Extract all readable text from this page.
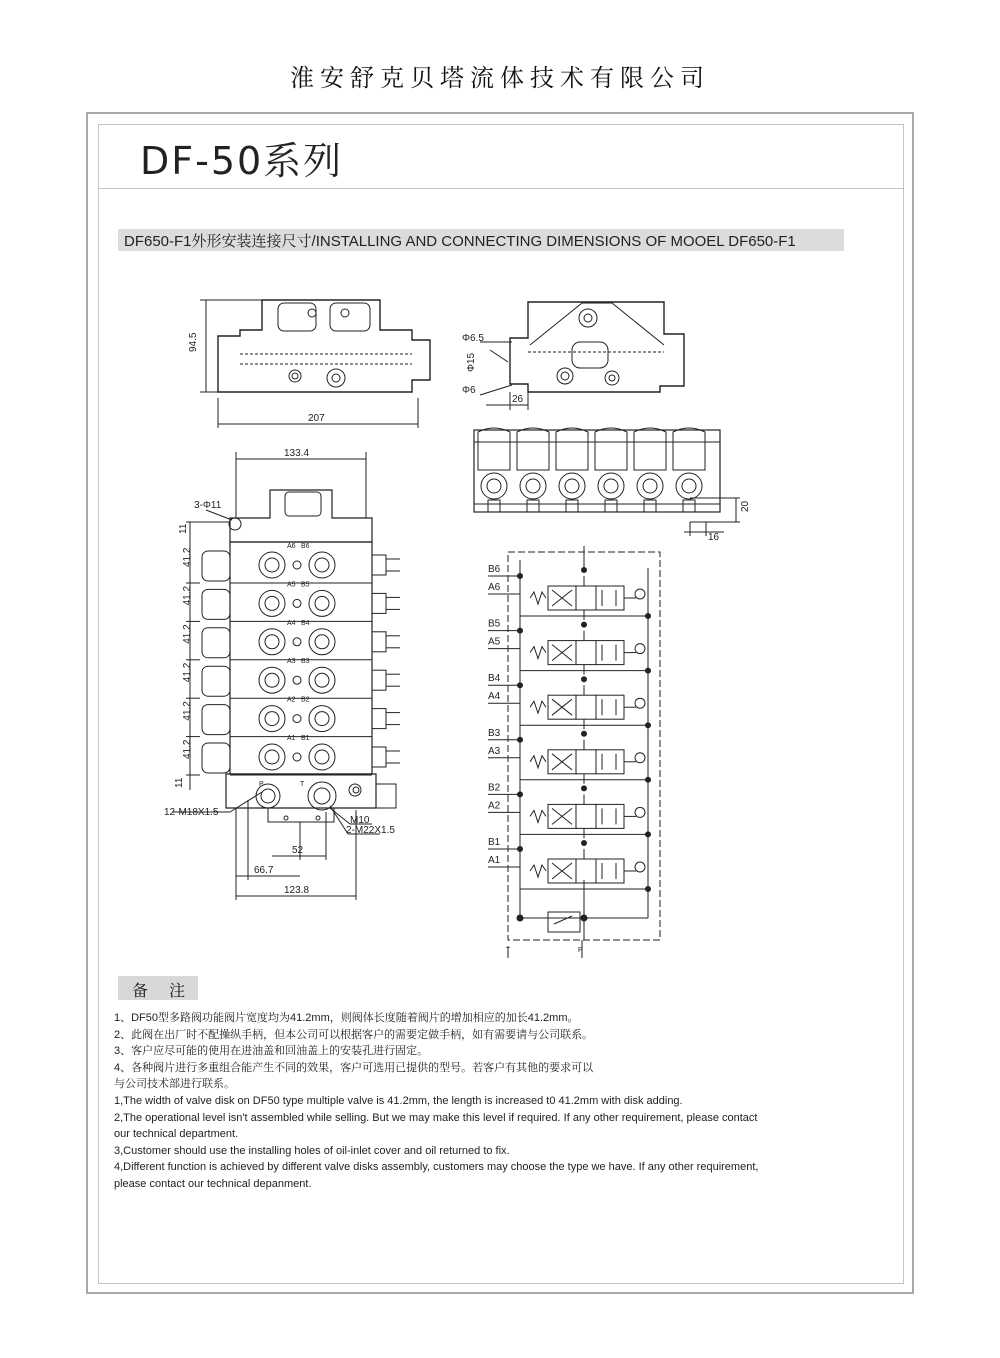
淮安舒克贝塔流体技术有限公司
DF-50系列
DF650-F1外形安装连接尺寸/INSTALLING AND CONNECTING DIMENSIONS OF MOOEL DF650-F1
94.5
207
Φ6.5
Φ15
Φ6
26
20
16
A6 B6
41.2
A5 B5
41.2
A4 B4
41.2
A3 B3
41.2
A2 B2
41.2
A1 B1
41.2
133.4
3-Φ11
11
11
12-M18X1.5
M10
2-M22X1.5
52
66.7
123.8
P	T
B6
A6
B5
A5
B4
A4
B3
A3
B2
A2
B1
A1
T	P
备 注
1、DF50型多路阀功能阀片宽度均为41.2mm，则阀体长度随着阀片的增加相应的加长41.2mm。
2、此阀在出厂时不配操纵手柄，但本公司可以根据客户的需要定做手柄，如有需要请与公司联系。
3、客户应尽可能的使用在进油盖和回油盖上的安装孔进行固定。
4、各种阀片进行多重组合能产生不同的效果，客户可选用已提供的型号。若客户有其他的要求可以
与公司技术部进行联系。
1,The width of valve disk on DF50 type multiple valve is 41.2mm, the length is increased t0 41.2mm with disk adding.
2,The operational level isn't assembled while selling. But we may make this level if required. If any other requirement, please contact
our technical department.
3,Customer should use the installing holes of oil-inlet cover and oil returned to fix.
4,Different function is achieved by different valve disks assembly, customers may choose the type we have. If any other requirement,
please contact our technical depanment.
